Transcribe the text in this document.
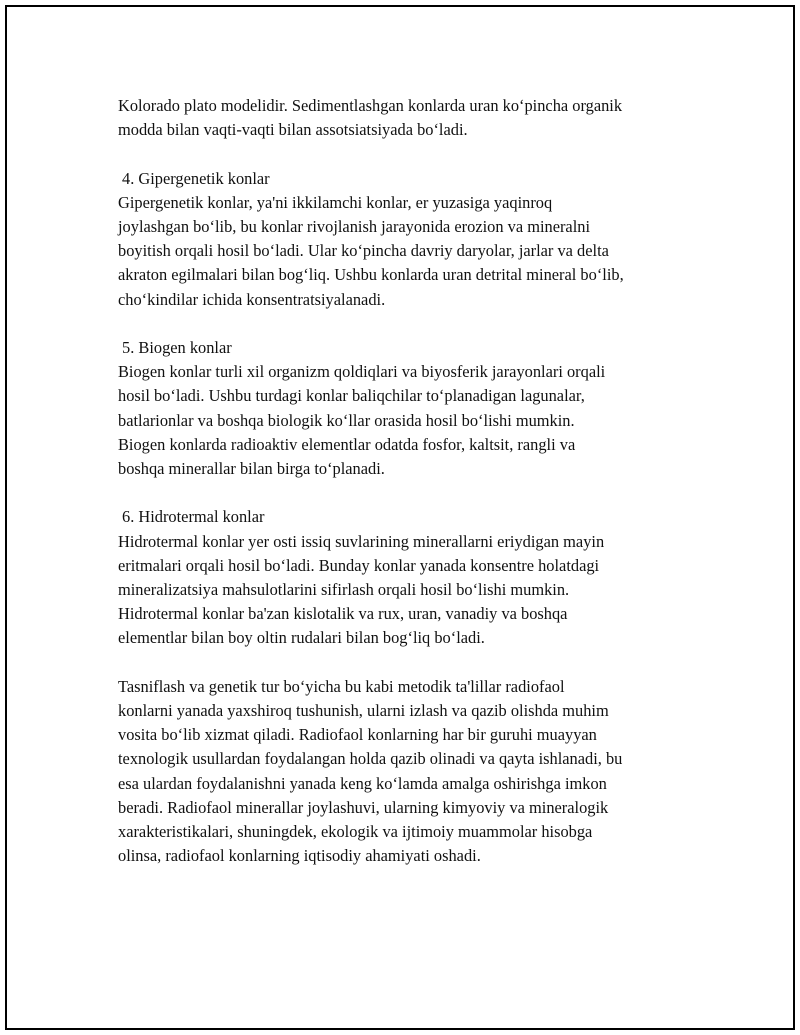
Kolorado plato modelidir. Sedimentlashgan konlarda uran ko‘pincha organik
modda bilan vaqti-vaqti bilan assotsiatsiyada bo‘ladi.
4. Gipergenetik konlar
Gipergenetik konlar, ya'ni ikkilamchi konlar, er yuzasiga yaqinroq
joylashgan bo‘lib, bu konlar rivojlanish jarayonida erozion va mineralni
boyitish orqali hosil bo‘ladi. Ular ko‘pincha davriy daryolar, jarlar va delta
akraton egilmalari bilan bog‘liq. Ushbu konlarda uran detrital mineral bo‘lib,
cho‘kindilar ichida konsentratsiyalanadi.
5. Biogen konlar
Biogen konlar turli xil organizm qoldiqlari va biyosferik jarayonlari orqali
hosil bo‘ladi. Ushbu turdagi konlar baliqchilar to‘planadigan lagunalar,
batlarionlar va boshqa biologik ko‘llar orasida hosil bo‘lishi mumkin.
Biogen konlarda radioaktiv elementlar odatda fosfor, kaltsit, rangli va
boshqa minerallar bilan birga to‘planadi.
6. Hidrotermal konlar
Hidrotermal konlar yer osti issiq suvlarining minerallarni eriydigan mayin
eritmalari orqali hosil bo‘ladi. Bunday konlar yanada konsentre holatdagi
mineralizatsiya mahsulotlarini sifirlash orqali hosil bo‘lishi mumkin.
Hidrotermal konlar ba'zan kislotalik va rux, uran, vanadiy va boshqa
elementlar bilan boy oltin rudalari bilan bog‘liq bo‘ladi.
Tasniflash va genetik tur bo‘yicha bu kabi metodik ta'lillar radiofaol
konlarni yanada yaxshiroq tushunish, ularni izlash va qazib olishda muhim
vosita bo‘lib xizmat qiladi. Radiofaol konlarning har bir guruhi muayyan
texnologik usullardan foydalangan holda qazib olinadi va qayta ishlanadi, bu
esa ulardan foydalanishni yanada keng ko‘lamda amalga oshirishga imkon
beradi. Radiofaol minerallar joylashuvi, ularning kimyoviy va mineralogik
xarakteristikalari, shuningdek, ekologik va ijtimoiy muammolar hisobga
olinsa, radiofaol konlarning iqtisodiy ahamiyati oshadi.
